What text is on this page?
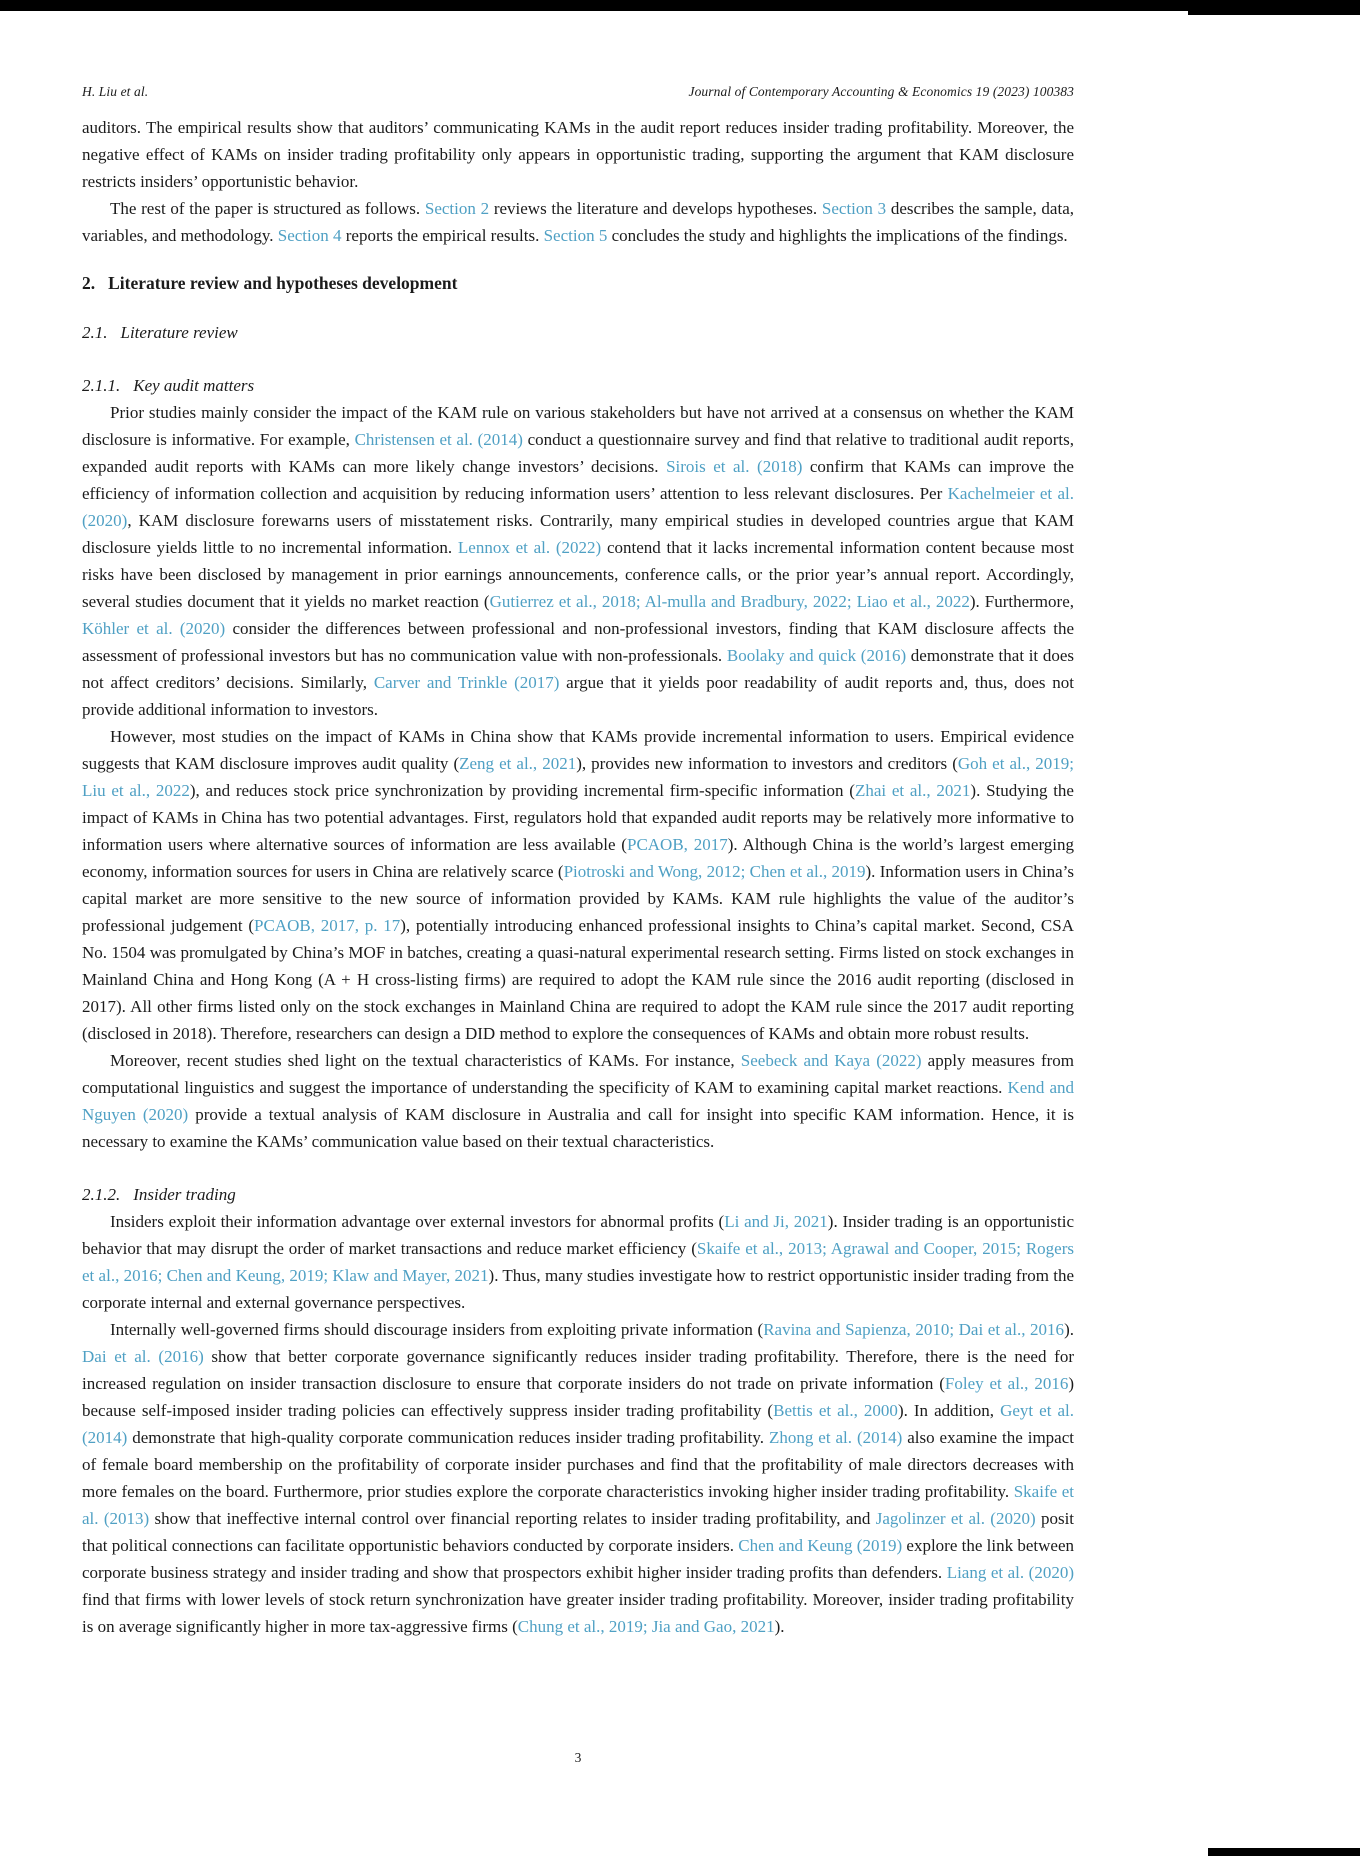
H. Liu et al.	Journal of Contemporary Accounting & Economics 19 (2023) 100383

auditors. The empirical results show that auditors’ communicating KAMs in the audit report reduces insider trading profitability. Moreover, the negative effect of KAMs on insider trading profitability only appears in opportunistic trading, supporting the argument that KAM disclosure restricts insiders’ opportunistic behavior.

The rest of the paper is structured as follows. Section 2 reviews the literature and develops hypotheses. Section 3 describes the sample, data, variables, and methodology. Section 4 reports the empirical results. Section 5 concludes the study and highlights the implications of the findings.

2. Literature review and hypotheses development
2.1. Literature review
2.1.1. Key audit matters

Prior studies mainly consider the impact of the KAM rule on various stakeholders but have not arrived at a consensus on whether the KAM disclosure is informative. For example, Christensen et al. (2014) conduct a questionnaire survey and find that relative to traditional audit reports, expanded audit reports with KAMs can more likely change investors’ decisions. Sirois et al. (2018) confirm that KAMs can improve the efficiency of information collection and acquisition by reducing information users’ attention to less relevant disclosures. Per Kachelmeier et al. (2020), KAM disclosure forewarns users of misstatement risks. Contrarily, many empirical studies in developed countries argue that KAM disclosure yields little to no incremental information. Lennox et al. (2022) contend that it lacks incremental information content because most risks have been disclosed by management in prior earnings announcements, conference calls, or the prior year’s annual report. Accordingly, several studies document that it yields no market reaction (Gutierrez et al., 2018; Al-mulla and Bradbury, 2022; Liao et al., 2022). Furthermore, Köhler et al. (2020) consider the differences between professional and non-professional investors, finding that KAM disclosure affects the assessment of professional investors but has no communication value with non-professionals. Boolaky and quick (2016) demonstrate that it does not affect creditors’ decisions. Similarly, Carver and Trinkle (2017) argue that it yields poor readability of audit reports and, thus, does not provide additional information to investors.

However, most studies on the impact of KAMs in China show that KAMs provide incremental information to users. Empirical evidence suggests that KAM disclosure improves audit quality (Zeng et al., 2021), provides new information to investors and creditors (Goh et al., 2019; Liu et al., 2022), and reduces stock price synchronization by providing incremental firm-specific information (Zhai et al., 2021). Studying the impact of KAMs in China has two potential advantages. First, regulators hold that expanded audit reports may be relatively more informative to information users where alternative sources of information are less available (PCAOB, 2017). Although China is the world’s largest emerging economy, information sources for users in China are relatively scarce (Piotroski and Wong, 2012; Chen et al., 2019). Information users in China’s capital market are more sensitive to the new source of information provided by KAMs. KAM rule highlights the value of the auditor’s professional judgement (PCAOB, 2017, p. 17), potentially introducing enhanced professional insights to China’s capital market. Second, CSA No. 1504 was promulgated by China’s MOF in batches, creating a quasi-natural experimental research setting. Firms listed on stock exchanges in Mainland China and Hong Kong (A + H cross-listing firms) are required to adopt the KAM rule since the 2016 audit reporting (disclosed in 2017). All other firms listed only on the stock exchanges in Mainland China are required to adopt the KAM rule since the 2017 audit reporting (disclosed in 2018). Therefore, researchers can design a DID method to explore the consequences of KAMs and obtain more robust results.

Moreover, recent studies shed light on the textual characteristics of KAMs. For instance, Seebeck and Kaya (2022) apply measures from computational linguistics and suggest the importance of understanding the specificity of KAM to examining capital market reactions. Kend and Nguyen (2020) provide a textual analysis of KAM disclosure in Australia and call for insight into specific KAM information. Hence, it is necessary to examine the KAMs’ communication value based on their textual characteristics.

2.1.2. Insider trading

Insiders exploit their information advantage over external investors for abnormal profits (Li and Ji, 2021). Insider trading is an opportunistic behavior that may disrupt the order of market transactions and reduce market efficiency (Skaife et al., 2013; Agrawal and Cooper, 2015; Rogers et al., 2016; Chen and Keung, 2019; Klaw and Mayer, 2021). Thus, many studies investigate how to restrict opportunistic insider trading from the corporate internal and external governance perspectives.

Internally well-governed firms should discourage insiders from exploiting private information (Ravina and Sapienza, 2010; Dai et al., 2016). Dai et al. (2016) show that better corporate governance significantly reduces insider trading profitability. Therefore, there is the need for increased regulation on insider transaction disclosure to ensure that corporate insiders do not trade on private information (Foley et al., 2016) because self-imposed insider trading policies can effectively suppress insider trading profitability (Bettis et al., 2000). In addition, Geyt et al. (2014) demonstrate that high-quality corporate communication reduces insider trading profitability. Zhong et al. (2014) also examine the impact of female board membership on the profitability of corporate insider purchases and find that the profitability of male directors decreases with more females on the board. Furthermore, prior studies explore the corporate characteristics invoking higher insider trading profitability. Skaife et al. (2013) show that ineffective internal control over financial reporting relates to insider trading profitability, and Jagolinzer et al. (2020) posit that political connections can facilitate opportunistic behaviors conducted by corporate insiders. Chen and Keung (2019) explore the link between corporate business strategy and insider trading and show that prospectors exhibit higher insider trading profits than defenders. Liang et al. (2020) find that firms with lower levels of stock return synchronization have greater insider trading profitability. Moreover, insider trading profitability is on average significantly higher in more tax-aggressive firms (Chung et al., 2019; Jia and Gao, 2021).

3
